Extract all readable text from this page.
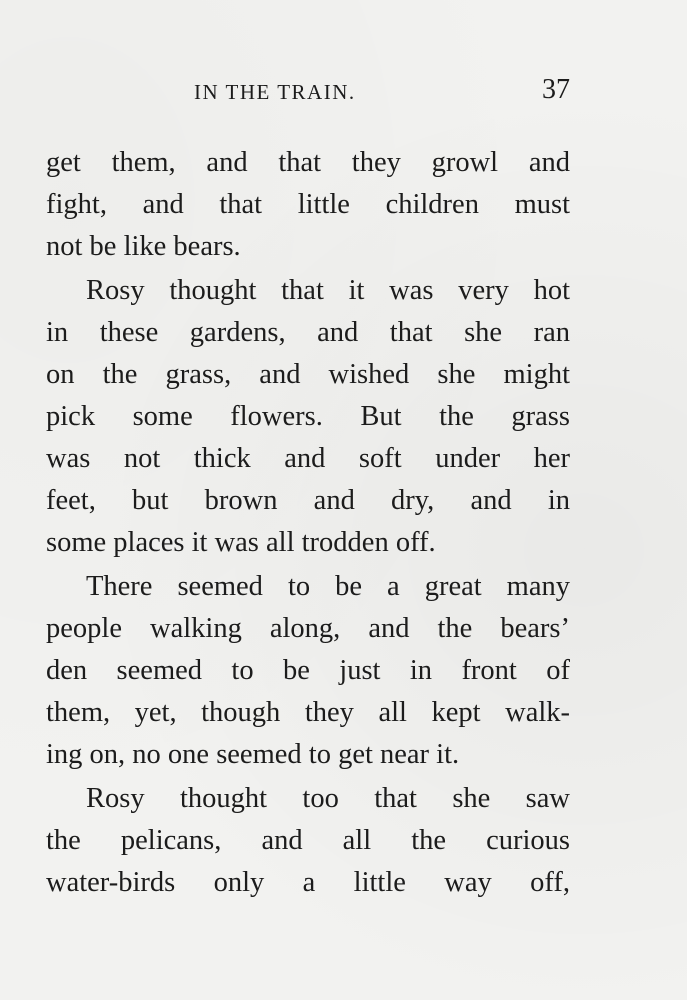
IN THE TRAIN.	37
get them, and that they growl and
fight, and that little children must
not be like bears.
Rosy thought that it was very hot
in these gardens, and that she ran
on the grass, and wished she might
pick some flowers. But the grass
was not thick and soft under her
feet, but brown and dry, and in
some places it was all trodden off.
There seemed to be a great many
people walking along, and the bears’
den seemed to be just in front of
them, yet, though they all kept walk-
ing on, no one seemed to get near it.
Rosy thought too that she saw
the pelicans, and all the curious
water-birds only a little way off,
